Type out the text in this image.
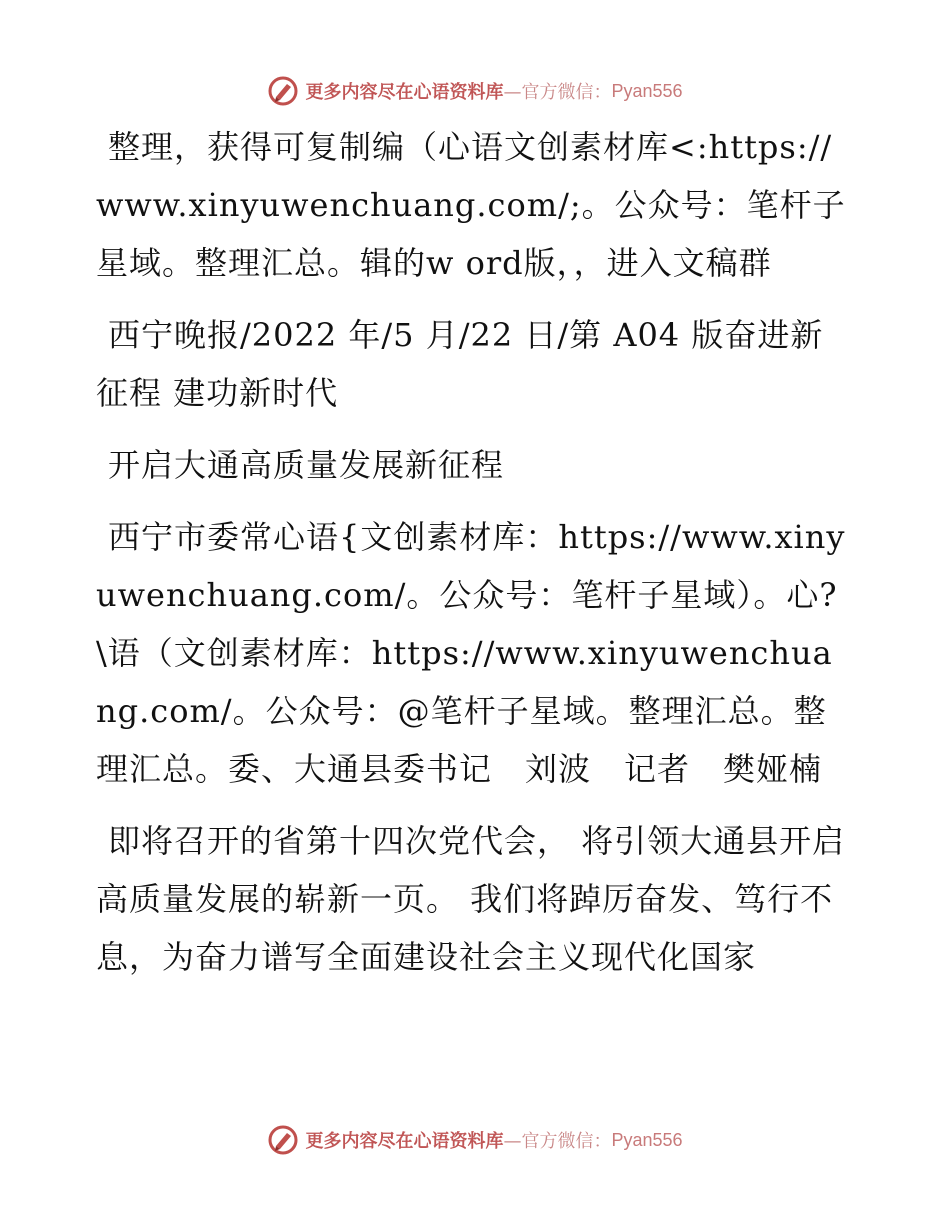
更多内容尽在心语资料库 —官方微信： Pyan556

整理，获得可复制编（心语文创素材库<:https://www.xinyuwenchuang.com/;。公众号：笔杆子星域。整理汇总。辑的w ord版，，进入文稿群

西宁晚报/2022 年/5 月/22 日/第 A04 版奋进新征程 建功新时代

开启大通高质量发展新征程

西宁市委常心语{文创素材库：https://www.xinyuwenchuang.com/。公众号：笔杆子星域）。心?\语（文创素材库：https://www.xinyuwenchuang.com/。公众号：@笔杆子星域。整理汇总。整理汇总。委、大通县委书记　刘波　记者　樊娅楠

即将召开的省第十四次党代会， 将引领大通县开启高质量发展的崭新一页。 我们将踔厉奋发、笃行不息，为奋力谱写全面建设社会主义现代化国家

更多内容尽在心语资料库 —官方微信： Pyan556
